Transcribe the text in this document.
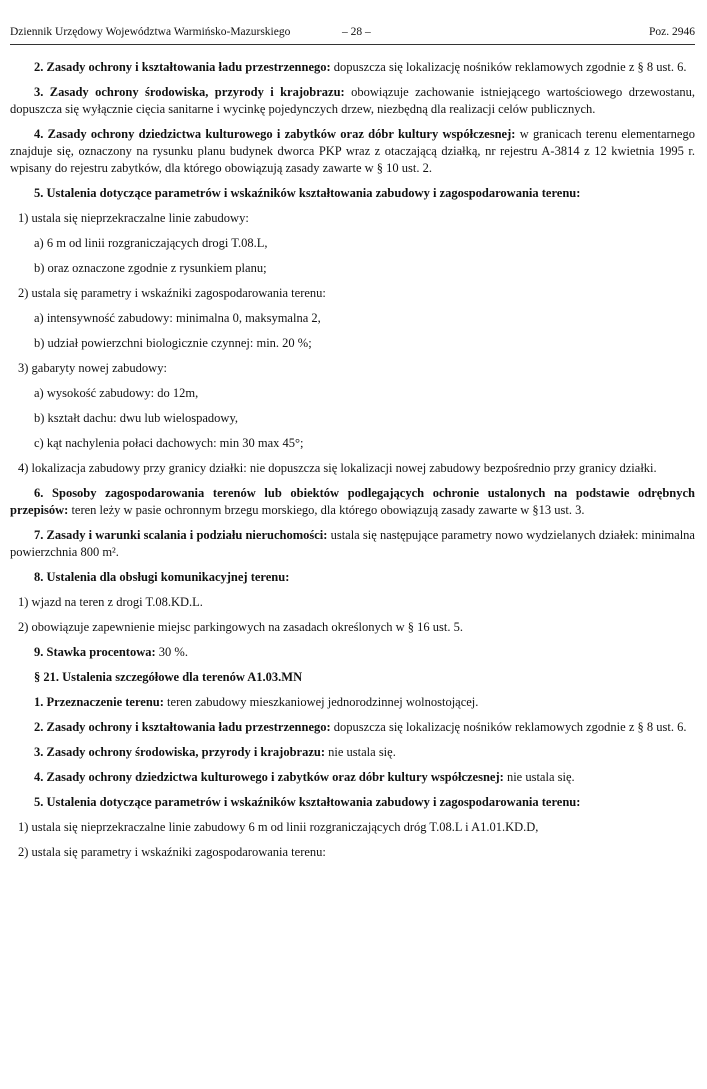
Dziennik Urzędowy Województwa Warmińsko-Mazurskiego	– 28 –	Poz. 2946
2. Zasady ochrony i kształtowania ładu przestrzennego: dopuszcza się lokalizację nośników reklamowych zgodnie z § 8 ust. 6.
3. Zasady ochrony środowiska, przyrody i krajobrazu: obowiązuje zachowanie istniejącego wartościowego drzewostanu, dopuszcza się wyłącznie cięcia sanitarne i wycinkę pojedynczych drzew, niezbędną dla realizacji celów publicznych.
4. Zasady ochrony dziedzictwa kulturowego i zabytków oraz dóbr kultury współczesnej: w granicach terenu elementarnego znajduje się, oznaczony na rysunku planu budynek dworca PKP wraz z otaczającą działką, nr rejestru A-3814 z 12 kwietnia 1995 r. wpisany do rejestru zabytków, dla którego obowiązują zasady zawarte w § 10 ust. 2.
5. Ustalenia dotyczące parametrów i wskaźników kształtowania zabudowy i zagospodarowania terenu:
1) ustala się nieprzekraczalne linie zabudowy:
a) 6 m od linii rozgraniczających drogi T.08.L,
b) oraz oznaczone zgodnie z rysunkiem planu;
2) ustala się parametry i wskaźniki zagospodarowania terenu:
a) intensywność zabudowy: minimalna 0, maksymalna 2,
b) udział powierzchni biologicznie czynnej: min. 20 %;
3) gabaryty nowej zabudowy:
a) wysokość zabudowy: do 12m,
b) kształt dachu: dwu lub wielospadowy,
c) kąt nachylenia połaci dachowych: min 30 max 45°;
4) lokalizacja zabudowy przy granicy działki: nie dopuszcza się lokalizacji nowej zabudowy bezpośrednio przy granicy działki.
6. Sposoby zagospodarowania terenów lub obiektów podlegających ochronie ustalonych na podstawie odrębnych przepisów: teren leży w pasie ochronnym brzegu morskiego, dla którego obowiązują zasady zawarte w §13 ust. 3.
7. Zasady i warunki scalania i podziału nieruchomości: ustala się następujące parametry nowo wydzielanych działek: minimalna powierzchnia 800 m².
8. Ustalenia dla obsługi komunikacyjnej terenu:
1) wjazd na teren z drogi T.08.KD.L.
2) obowiązuje zapewnienie miejsc parkingowych na zasadach określonych w § 16 ust. 5.
9. Stawka procentowa: 30 %.
§ 21. Ustalenia szczegółowe dla terenów A1.03.MN
1. Przeznaczenie terenu: teren zabudowy mieszkaniowej jednorodzinnej wolnostojącej.
2. Zasady ochrony i kształtowania ładu przestrzennego: dopuszcza się lokalizację nośników reklamowych zgodnie z § 8 ust. 6.
3. Zasady ochrony środowiska, przyrody i krajobrazu: nie ustala się.
4. Zasady ochrony dziedzictwa kulturowego i zabytków oraz dóbr kultury współczesnej: nie ustala się.
5. Ustalenia dotyczące parametrów i wskaźników kształtowania zabudowy i zagospodarowania terenu:
1) ustala się nieprzekraczalne linie zabudowy 6 m od linii rozgraniczających dróg T.08.L i A1.01.KD.D,
2) ustala się parametry i wskaźniki zagospodarowania terenu:
